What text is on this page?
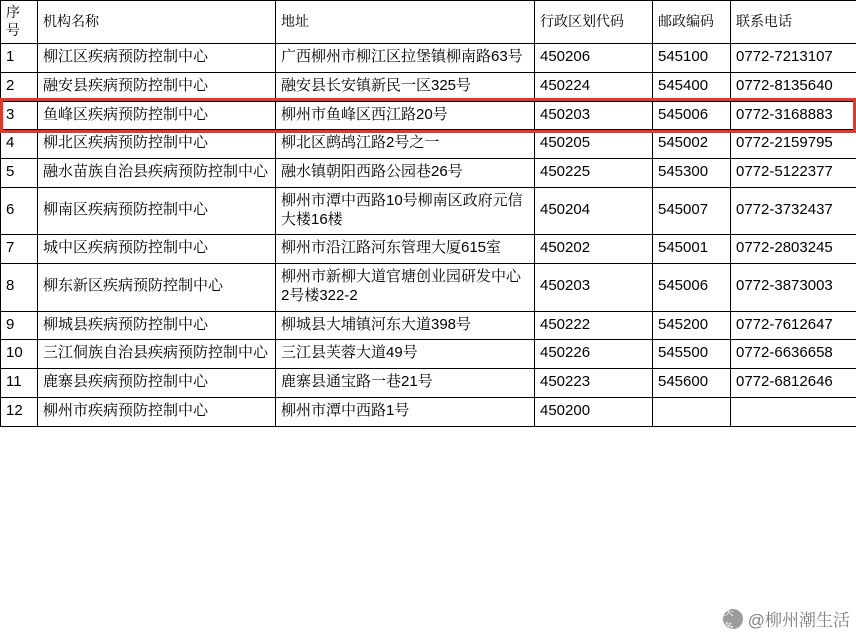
序号	机构名称	地址	行政区划代码	邮政编码	联系电话
1	柳江区疾病预防控制中心	广西柳州市柳江区拉堡镇柳南路63号	450206	545100	0772-7213107
2	融安县疾病预防控制中心	融安县长安镇新民一区325号	450224	545400	0772-8135640
3	鱼峰区疾病预防控制中心	柳州市鱼峰区西江路20号	450203	545006	0772-3168883
4	柳北区疾病预防控制中心	柳北区鹧鸪江路2号之一	450205	545002	0772-2159795
5	融水苗族自治县疾病预防控制中心	融水镇朝阳西路公园巷26号	450225	545300	0772-5122377
6	柳南区疾病预防控制中心	柳州市潭中西路10号柳南区政府元信大楼16楼	450204	545007	0772-3732437
7	城中区疾病预防控制中心	柳州市沿江路河东管理大厦615室	450202	545001	0772-2803245
8	柳东新区疾病预防控制中心	柳州市新柳大道官塘创业园研发中心2号楼322-2	450203	545006	0772-3873003
9	柳城县疾病预防控制中心	柳城县大埔镇河东大道398号	450222	545200	0772-7612647
10	三江侗族自治县疾病预防控制中心	三江县芙蓉大道49号	450226	545500	0772-6636658
11	鹿寨县疾病预防控制中心	鹿寨县通宝路一巷21号	450223	545600	0772-6812646
12	柳州市疾病预防控制中心	柳州市潭中西路1号	450200		
头条 @柳州潮生活
